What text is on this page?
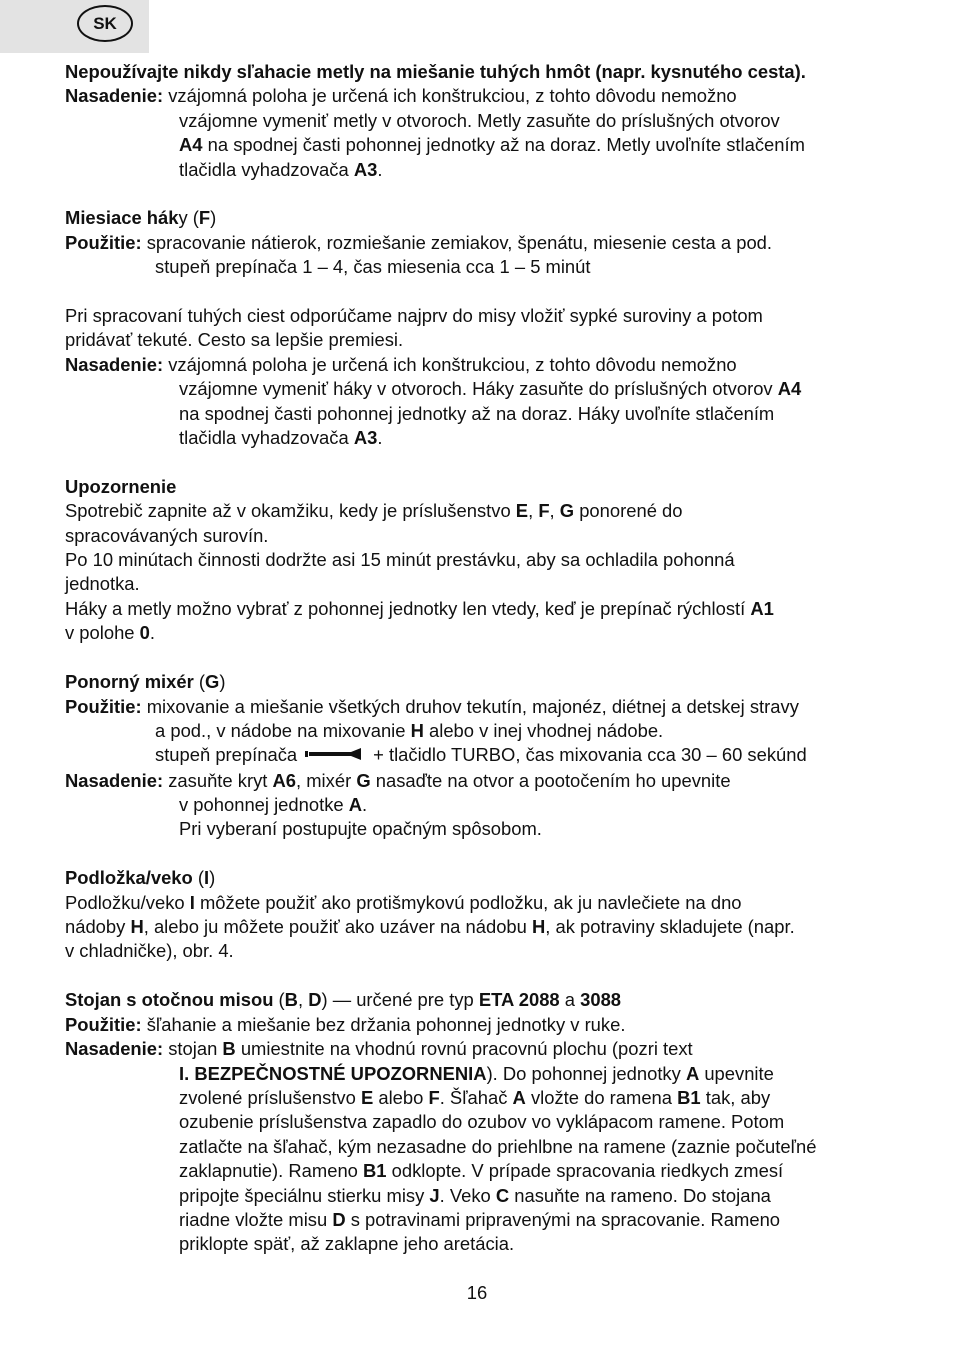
SK
Nepoužívajte nikdy sľahacie metly na miešanie tuhých hmôt (napr. kysnutého cesta).
Nasadenie: vzájomná poloha je určená ich konštrukciou, z tohto dôvodu nemožno
vzájomne vymeniť metly v otvoroch. Metly zasuňte do príslušných otvorov
A4 na spodnej časti pohonnej jednotky až na doraz. Metly uvoľníte stlačením
tlačidla vyhadzovača A3.
Miesiace háky (F)
Použitie: spracovanie nátierok, rozmiešanie zemiakov, špenátu, miesenie cesta a pod.
stupeň prepínača 1 – 4, čas miesenia cca 1 – 5 minút
Pri spracovaní tuhých ciest odporúčame najprv do misy vložiť sypké suroviny a potom
pridávať tekuté. Cesto sa lepšie premiesi.
Nasadenie: vzájomná poloha je určená ich konštrukciou, z tohto dôvodu nemožno
vzájomne vymeniť háky v otvoroch. Háky zasuňte do príslušných otvorov A4
na spodnej časti pohonnej jednotky až na doraz. Háky uvoľníte stlačením
tlačidla vyhadzovača A3.
Upozornenie
Spotrebič zapnite až v okamžiku, kedy je príslušenstvo E, F, G ponorené do
spracovávaných surovín.
Po 10 minútach činnosti dodržte asi 15 minút prestávku, aby sa ochladila pohonná
jednotka.
Háky a metly možno vybrať z pohonnej jednotky len vtedy, keď je prepínač rýchlostí A1
v polohe 0.
Ponorný mixér (G)
Použitie: mixovanie a miešanie všetkých druhov tekutín, majonéz, diétnej a detskej stravy
a pod., v nádobe na mixovanie H alebo v inej vhodnej nádobe.
stupeň prepínača	+ tlačidlo TURBO, čas mixovania cca 30 – 60 sekúnd
Nasadenie: zasuňte kryt A6, mixér G nasaďte na otvor a pootočením ho upevnite
v pohonnej jednotke A.
Pri vyberaní postupujte opačným spôsobom.
Podložka/veko (I)
Podložku/veko I môžete použiť ako protišmykovú podložku, ak ju navlečiete na dno
nádoby H, alebo ju môžete použiť ako uzáver na nádobu H, ak potraviny skladujete (napr.
v chladničke), obr. 4.
Stojan s otočnou misou (B, D) — určené pre typ ETA 2088 a 3088
Použitie: šľahanie a miešanie bez držania pohonnej jednotky v ruke.
Nasadenie: stojan B umiestnite na vhodnú rovnú pracovnú plochu (pozri text
I. BEZPEČNOSTNÉ UPOZORNENIA). Do pohonnej jednotky A upevnite
zvolené príslušenstvo E alebo F. Šľahač A vložte do ramena B1 tak, aby
ozubenie príslušenstva zapadlo do ozubov vo vyklápacom ramene. Potom
zatlačte na šľahač, kým nezasadne do priehlbne na ramene (zaznie počuteľné
zaklapnutie). Rameno B1 odklopte. V prípade spracovania riedkych zmesí
pripojte špeciálnu stierku misy J. Veko C nasuňte na rameno. Do stojana
riadne vložte misu D s potravinami pripravenými na spracovanie. Rameno
priklopte späť, až zaklapne jeho aretácia.
16
